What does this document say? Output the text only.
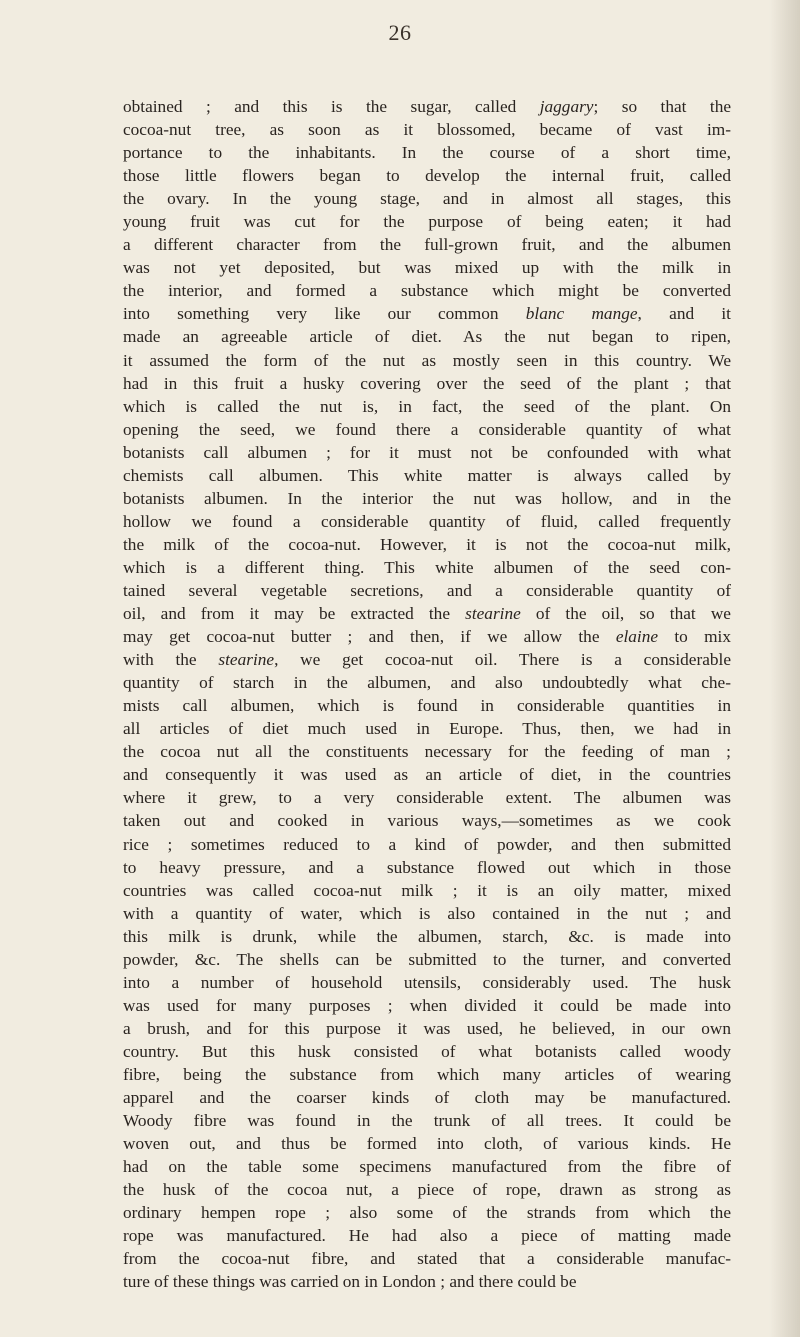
26
obtained ; and this is the sugar, called jaggary; so that the
cocoa-nut tree, as soon as it blossomed, became of vast im-
portance to the inhabitants. In the course of a short time,
those little flowers began to develop the internal fruit, called
the ovary. In the young stage, and in almost all stages, this
young fruit was cut for the purpose of being eaten; it had
a different character from the full-grown fruit, and the albumen
was not yet deposited, but was mixed up with the milk in
the interior, and formed a substance which might be converted
into something very like our common blanc mange, and it
made an agreeable article of diet. As the nut began to ripen,
it assumed the form of the nut as mostly seen in this country. We
had in this fruit a husky covering over the seed of the plant ; that
which is called the nut is, in fact, the seed of the plant. On
opening the seed, we found there a considerable quantity of what
botanists call albumen ; for it must not be confounded with what
chemists call albumen. This white matter is always called by
botanists albumen. In the interior the nut was hollow, and in the
hollow we found a considerable quantity of fluid, called frequently
the milk of the cocoa-nut. However, it is not the cocoa-nut milk,
which is a different thing. This white albumen of the seed con-
tained several vegetable secretions, and a considerable quantity of
oil, and from it may be extracted the stearine of the oil, so that we
may get cocoa-nut butter ; and then, if we allow the elaine to mix
with the stearine, we get cocoa-nut oil. There is a considerable
quantity of starch in the albumen, and also undoubtedly what che-
mists call albumen, which is found in considerable quantities in
all articles of diet much used in Europe. Thus, then, we had in
the cocoa nut all the constituents necessary for the feeding of man ;
and consequently it was used as an article of diet, in the countries
where it grew, to a very considerable extent. The albumen was
taken out and cooked in various ways,—sometimes as we cook
rice ; sometimes reduced to a kind of powder, and then submitted
to heavy pressure, and a substance flowed out which in those
countries was called cocoa-nut milk ; it is an oily matter, mixed
with a quantity of water, which is also contained in the nut ; and
this milk is drunk, while the albumen, starch, &c. is made into
powder, &c. The shells can be submitted to the turner, and converted
into a number of household utensils, considerably used. The husk
was used for many purposes ; when divided it could be made into
a brush, and for this purpose it was used, he believed, in our own
country. But this husk consisted of what botanists called woody
fibre, being the substance from which many articles of wearing
apparel and the coarser kinds of cloth may be manufactured.
Woody fibre was found in the trunk of all trees. It could be
woven out, and thus be formed into cloth, of various kinds. He
had on the table some specimens manufactured from the fibre of
the husk of the cocoa nut, a piece of rope, drawn as strong as
ordinary hempen rope ; also some of the strands from which the
rope was manufactured. He had also a piece of matting made
from the cocoa-nut fibre, and stated that a considerable manufac-
ture of these things was carried on in London ; and there could be
